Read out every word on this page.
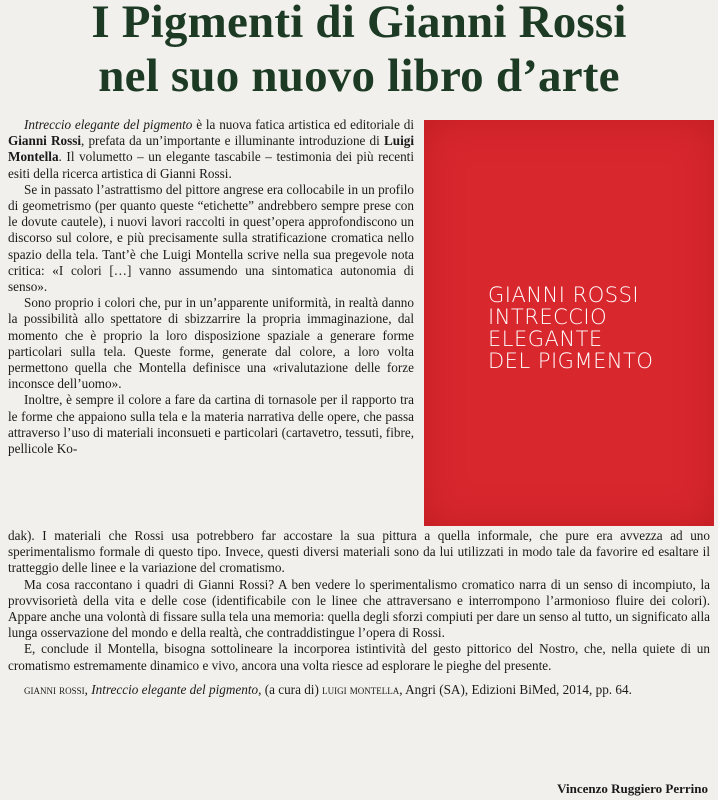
I Pigmenti di Gianni Rossi
nel suo nuovo libro d’arte
GIANNI ROSSI
INTRECCIO
ELEGANTE
DEL PIGMENTO

Intreccio elegante del pigmento è la nuova fatica artistica ed editoriale di Gianni Rossi, prefata da un’importante e illuminante introduzione di Luigi Montella. Il volumetto – un elegante tascabile – testimonia dei più recenti esiti della ricerca artistica di Gianni Rossi.

Se in passato l’astrattismo del pittore angrese era collocabile in un profilo di geometrismo (per quanto queste “etichette” andrebbero sempre prese con le dovute cautele), i nuovi lavori raccolti in quest’opera approfondiscono un discorso sul colore, e più precisamente sulla stratificazione cromatica nello spazio della tela. Tant’è che Luigi Montella scrive nella sua pregevole nota critica: «I colori […] vanno assumendo una sintomatica autonomia di senso».

Sono proprio i colori che, pur in un’apparente uniformità, in realtà danno la possibilità allo spettatore di sbizzarrire la propria immaginazione, dal momento che è proprio la loro disposizione spaziale a generare forme particolari sulla tela. Queste forme, generate dal colore, a loro volta permettono quella che Montella definisce una «rivalutazione delle forze inconsce dell’uomo».

Inoltre, è sempre il colore a fare da cartina di tornasole per il rapporto tra le forme che appaiono sulla tela e la materia narrativa delle opere, che passa attraverso l’uso di materiali inconsueti e particolari (cartavetro, tessuti, fibre, pellicole Ko-

dak). I materiali che Rossi usa potrebbero far accostare la sua pittura a quella informale, che pure era avvezza ad uno sperimentalismo formale di questo tipo. Invece, questi diversi materiali sono da lui utilizzati in modo tale da favorire ed esaltare il tratteggio delle linee e la variazione del cromatismo.

Ma cosa raccontano i quadri di Gianni Rossi? A ben vedere lo sperimentalismo cromatico narra di un senso di incompiuto, la provvisorietà della vita e delle cose (identificabile con le linee che attraversano e interrompono l’armonioso fluire dei colori). Appare anche una volontà di fissare sulla tela una memoria: quella degli sforzi compiuti per dare un senso al tutto, un significato alla lunga osservazione del mondo e della realtà, che contraddistingue l’opera di Rossi.

E, conclude il Montella, bisogna sottolineare la incorporea istintività del gesto pittorico del Nostro, che, nella quiete di un cromatismo estremamente dinamico e vivo, ancora una volta riesce ad esplorare le pieghe del presente.

gianni rossi, Intreccio elegante del pigmento, (a cura di) luigi montella, Angri (SA), Edizioni BiMed, 2014, pp. 64.

Vincenzo Ruggiero Perrino
